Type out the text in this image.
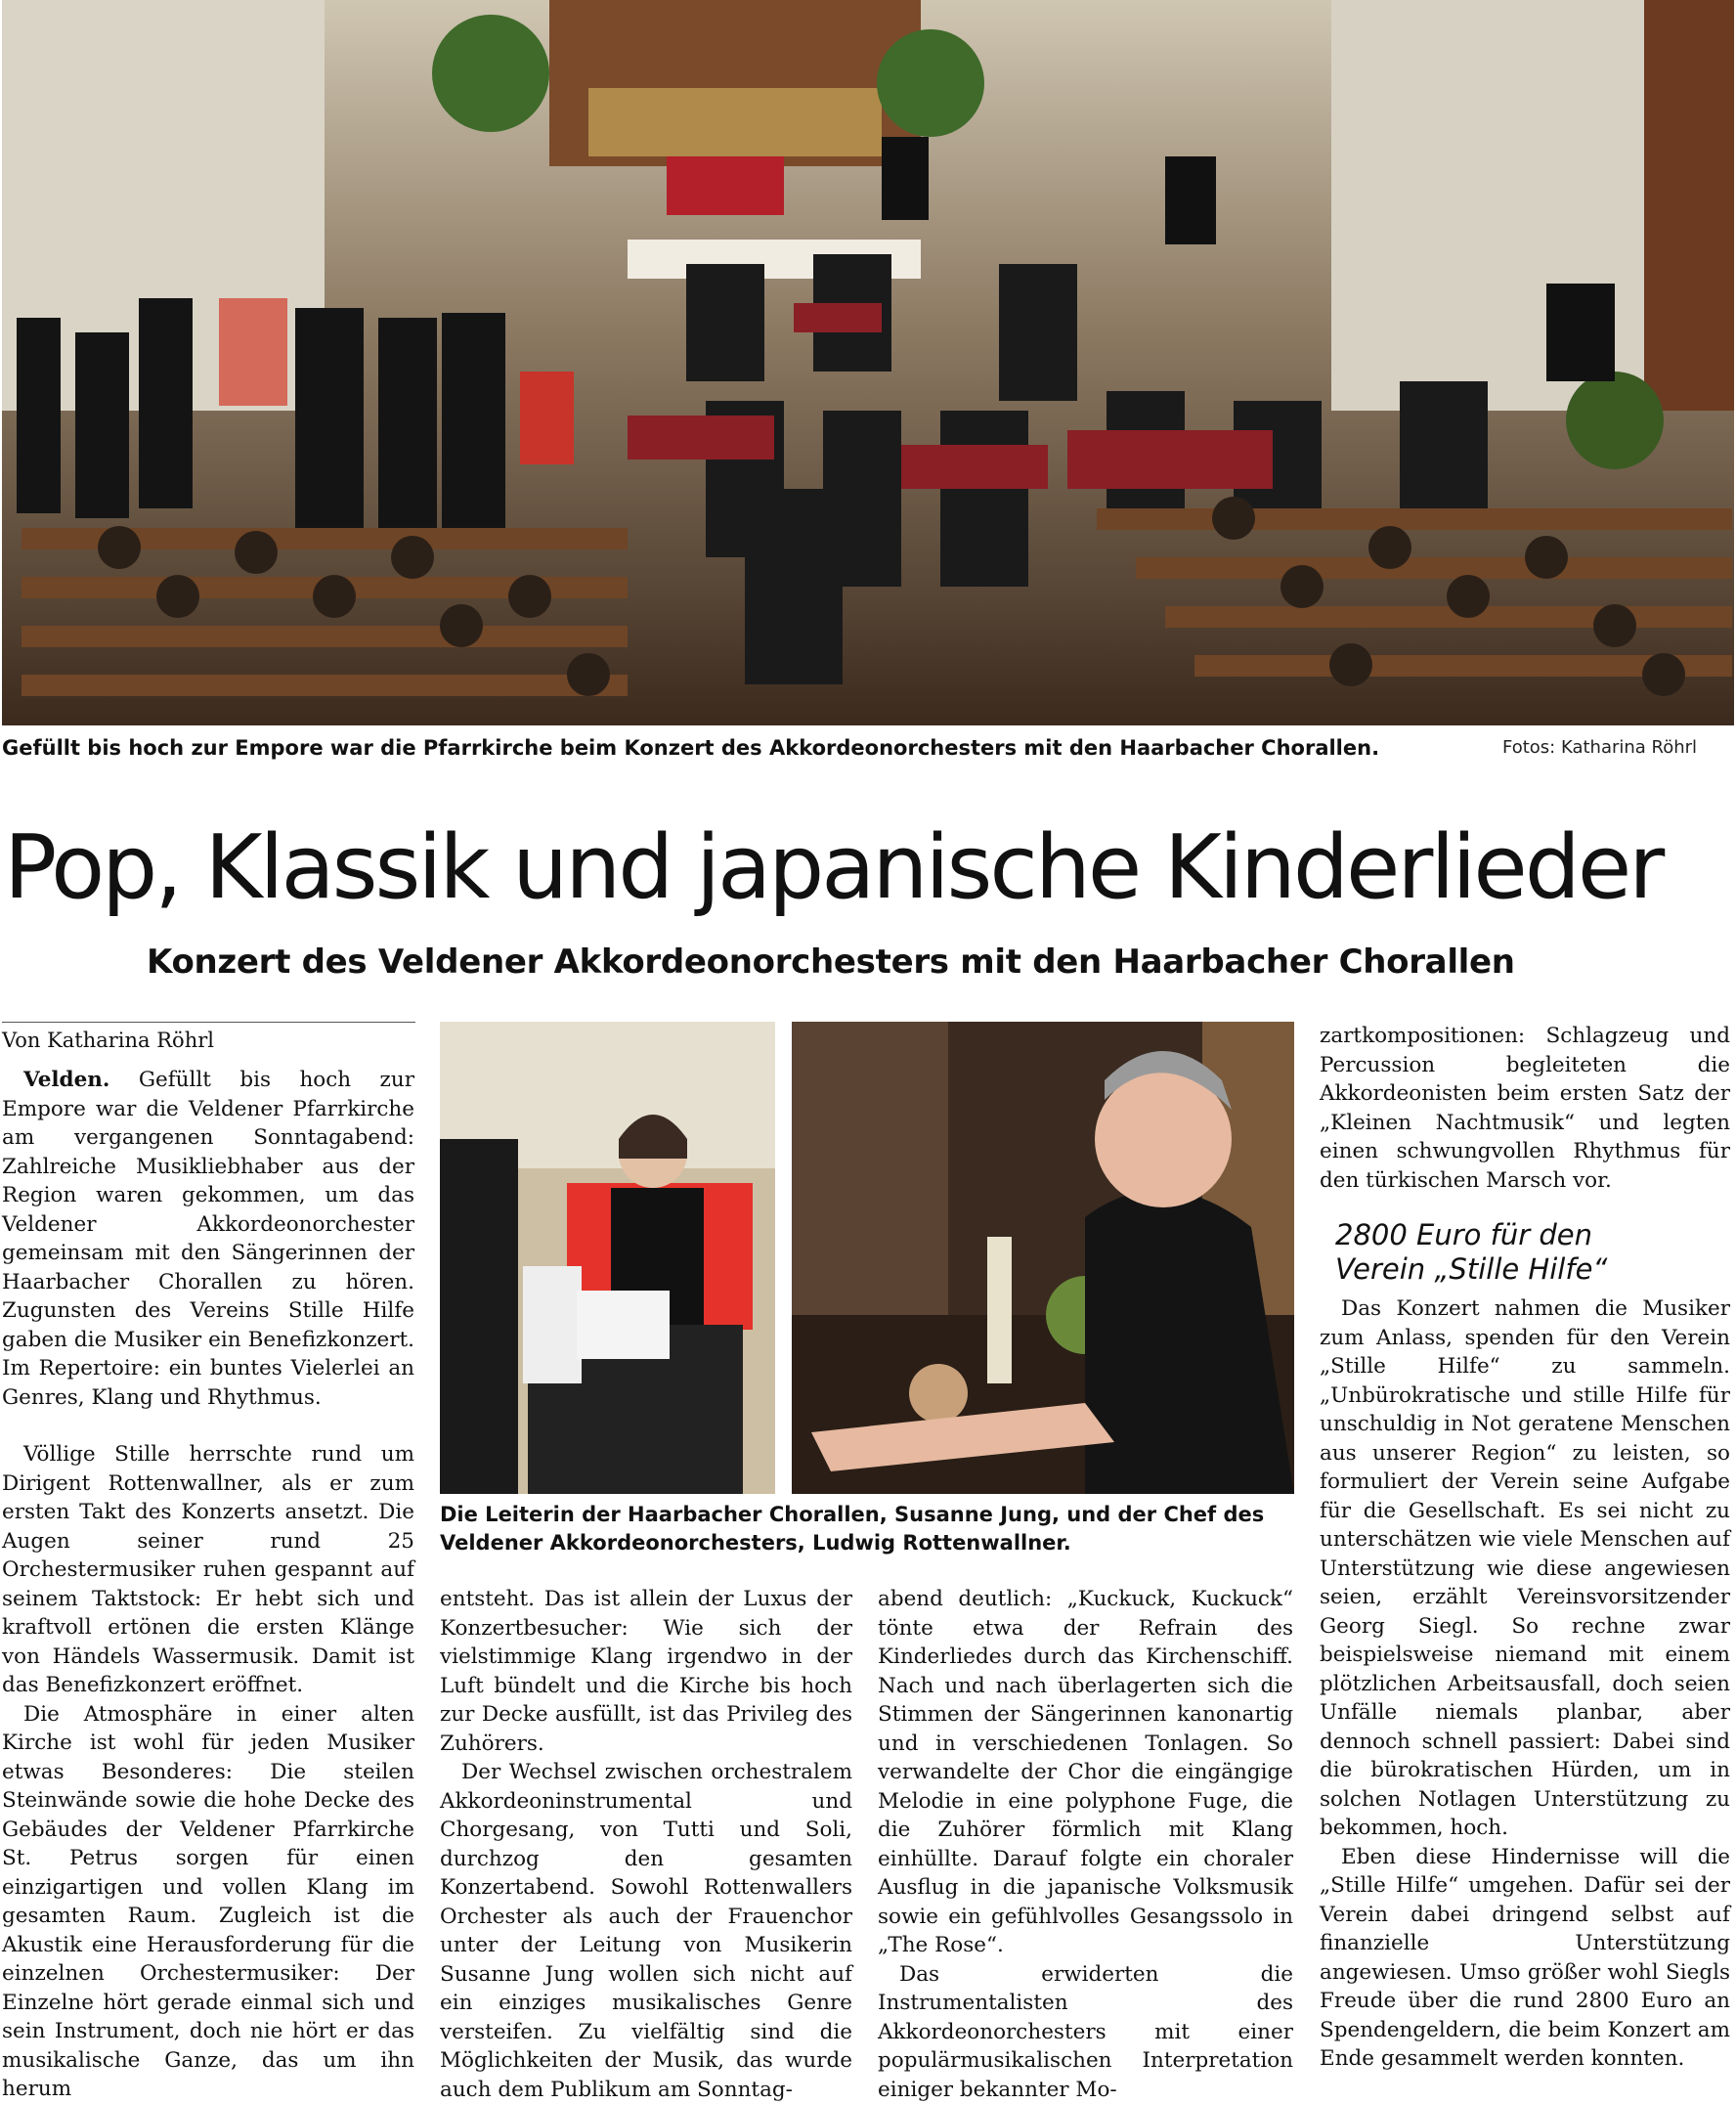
Gefüllt bis hoch zur Empore war die Pfarrkirche beim Konzert des Akkordeonorchesters mit den Haarbacher Chorallen.	Fotos: Katharina Röhrl
Pop, Klassik und japanische Kinderlieder
Konzert des Veldener Akkordeonorchesters mit den Haarbacher Chorallen
Von Katharina Röhrl
Die Leiterin der Haarbacher Chorallen, Susanne Jung, und der Chef des Veldener Akkordeonorchesters, Ludwig Rottenwallner.

Velden. Gefüllt bis hoch zur Empore war die Veldener Pfarrkirche am vergangenen Sonntagabend: Zahlreiche Musikliebhaber aus der Region waren gekommen, um das Veldener Akkordeonorchester gemeinsam mit den Sängerinnen der Haarbacher Chorallen zu hören. Zugunsten des Vereins Stille Hilfe gaben die Musiker ein Benefizkonzert. Im Repertoire: ein buntes Vielerlei an Genres, Klang und Rhythmus.

Völlige Stille herrschte rund um Dirigent Rottenwallner, als er zum ersten Takt des Konzerts ansetzt. Die Augen seiner rund 25 Orchestermusiker ruhen gespannt auf seinem Taktstock: Er hebt sich und kraftvoll ertönen die ersten Klänge von Händels Wassermusik. Damit ist das Benefizkonzert eröffnet.

Die Atmosphäre in einer alten Kirche ist wohl für jeden Musiker etwas Besonderes: Die steilen Steinwände sowie die hohe Decke des Gebäudes der Veldener Pfarrkirche St. Petrus sorgen für einen einzigartigen und vollen Klang im gesamten Raum. Zugleich ist die Akustik eine Herausforderung für die einzelnen Orchestermusiker: Der Einzelne hört gerade einmal sich und sein Instrument, doch nie hört er das musikalische Ganze, das um ihn herum

entsteht. Das ist allein der Luxus der Konzertbesucher: Wie sich der vielstimmige Klang irgendwo in der Luft bündelt und die Kirche bis hoch zur Decke ausfüllt, ist das Privileg des Zuhörers.

Der Wechsel zwischen orchestralem Akkordeoninstrumental und Chorgesang, von Tutti und Soli, durchzog den gesamten Konzertabend. Sowohl Rottenwallers Orchester als auch der Frauenchor unter der Leitung von Musikerin Susanne Jung wollen sich nicht auf ein einziges musikalisches Genre versteifen. Zu vielfältig sind die Möglichkeiten der Musik, das wurde auch dem Publikum am Sonntag-

abend deutlich: „Kuckuck, Kuckuck“ tönte etwa der Refrain des Kinderliedes durch das Kirchenschiff. Nach und nach überlagerten sich die Stimmen der Sängerinnen kanonartig und in verschiedenen Tonlagen. So verwandelte der Chor die eingängige Melodie in eine polyphone Fuge, die die Zuhörer förmlich mit Klang einhüllte. Darauf folgte ein choraler Ausflug in die japanische Volksmusik sowie ein gefühlvolles Gesangssolo in „The Rose“.

Das erwiderten die Instrumentalisten des Akkordeonorchesters mit einer populärmusikalischen Interpretation einiger bekannter Mo-

zartkompositionen: Schlagzeug und Percussion begleiteten die Akkordeonisten beim ersten Satz der „Kleinen Nachtmusik“ und legten einen schwungvollen Rhythmus für den türkischen Marsch vor.

2800 Euro für den Verein „Stille Hilfe“

Das Konzert nahmen die Musiker zum Anlass, spenden für den Verein „Stille Hilfe“ zu sammeln. „Unbürokratische und stille Hilfe für unschuldig in Not geratene Menschen aus unserer Region“ zu leisten, so formuliert der Verein seine Aufgabe für die Gesellschaft. Es sei nicht zu unterschätzen wie viele Menschen auf Unterstützung wie diese angewiesen seien, erzählt Vereinsvorsitzender Georg Siegl. So rechne zwar beispielsweise niemand mit einem plötzlichen Arbeitsausfall, doch seien Unfälle niemals planbar, aber dennoch schnell passiert: Dabei sind die bürokratischen Hürden, um in solchen Notlagen Unterstützung zu bekommen, hoch.

Eben diese Hindernisse will die „Stille Hilfe“ umgehen. Dafür sei der Verein dabei dringend selbst auf finanzielle Unterstützung angewiesen. Umso größer wohl Siegls Freude über die rund 2800 Euro an Spendengeldern, die beim Konzert am Ende gesammelt werden konnten.
